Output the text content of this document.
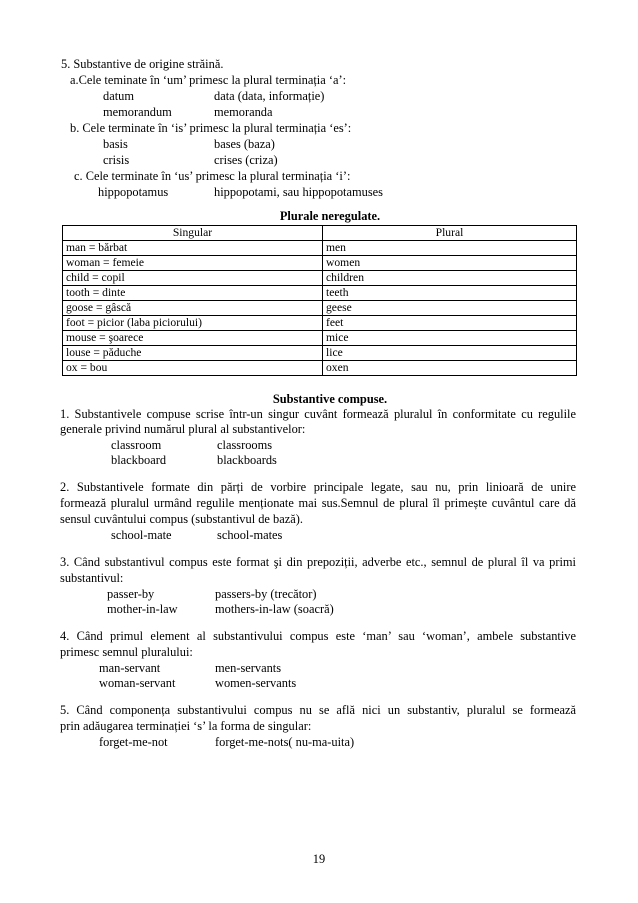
5. Substantive de origine străină.
a.Cele teminate în ‘um’ primesc la plural terminația ‘a’:
datum	data (data, informație)
memorandum	memoranda
b. Cele terminate în ‘is’ primesc la plural terminația ‘es’:
basis	bases (baza)
crisis	crises (criza)
c. Cele terminate în ‘us’ primesc la plural terminația ‘i’:
hippopotamus	hippopotami, sau hippopotamuses
Plurale neregulate.
Singular	Plural
man = bărbat	men
woman = femeie	women
child = copil	children
tooth = dinte	teeth
goose = gâscă	geese
foot = picior (laba piciorului)	feet
mouse = şoarece	mice
louse = păduche	lice
ox = bou	oxen
Substantive compuse.
1. Substantivele compuse scrise într-un singur cuvânt formează pluralul în conformitate cu regulile
generale privind numărul plural al substantivelor:
classroom	classrooms
blackboard	blackboards
2. Substantivele formate din părți de vorbire principale legate, sau nu, prin linioară de unire
formează pluralul urmând regulile menționate mai sus.Semnul de plural îl primește cuvântul care dă
sensul cuvântului compus (substantivul de bază).
school-mate	school-mates
3. Când substantivul compus este format şi din prepoziții, adverbe etc., semnul de plural îl va primi
substantivul:
passer-by	passers-by (trecător)
mother-in-law	mothers-in-law (soacră)
4. Când primul element al substantivului compus este ‘man’ sau ‘woman’, ambele substantive
primesc semnul pluralului:
man-servant	men-servants
woman-servant	women-servants
5. Când componența substantivului compus nu se află nici un substantiv, pluralul se formează
prin adăugarea terminației ‘s’ la forma de singular:
forget-me-not	forget-me-nots( nu-ma-uita)
19
